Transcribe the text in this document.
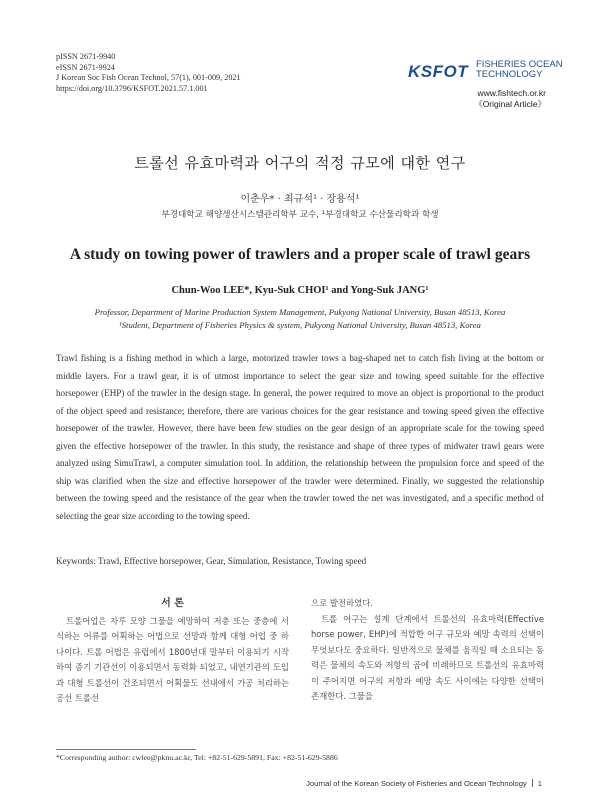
pISSN 2671-9940
eISSN 2671-9924
J Korean Soc Fish Ocean Technol, 57(1), 001-009, 2021
https://doi.org/10.3796/KSFOT.2021.57.1.001
KSFOT FISHERIES OCEAN
TECHNOLOGY
www.fishtech.or.kr
《Original Article》
트롤선 유효마력과 어구의 적정 규모에 대한 연구
이춘우* · 최규석¹ · 장용석¹
부경대학교 해양생산시스템관리학부 교수, ¹부경대학교 수산물리학과 학생
A study on towing power of trawlers and a proper scale of trawl gears
Chun-Woo LEE*, Kyu-Suk CHOI¹ and Yong-Suk JANG¹
Professor, Department of Marine Production System Management, Pukyong National University, Busan 48513, Korea
¹Student, Department of Fisheries Physics & system, Pukyong National University, Busan 48513, Korea
Trawl fishing is a fishing method in which a large, motorized trawler tows a bag-shaped net to catch fish living at the bottom or middle layers. For a trawl gear, it is of utmost importance to select the gear size and towing speed suitable for the effective horsepower (EHP) of the trawler in the design stage. In general, the power required to move an object is proportional to the product of the object speed and resistance; therefore, there are various choices for the gear resistance and towing speed given the effective horsepower of the trawler. However, there have been few studies on the gear design of an appropriate scale for the towing speed given the effective horsepower of the trawler. In this study, the resistance and shape of three types of midwater trawl gears were analyzed using SimuTrawl, a computer simulation tool. In addition, the relationship between the propulsion force and speed of the ship was clarified when the size and effective horsepower of the trawler were determined. Finally, we suggested the relationship between the towing speed and the resistance of the gear when the trawler towed the net was investigated, and a specific method of selecting the gear size according to the towing speed.
Keywords: Trawl, Effective horsepower, Gear, Simulation, Resistance, Towing speed
서 론

트롤어업은 자루 모양 그물을 예망하여 저층 또는 중층에 서식하는 어류를 어획하는 어법으로 선망과 함께 대형 어업 중 하나이다. 트롤 어법은 유럽에서 1800년대 말부터 이용되기 시작하여 증기 기관선이 이용되면서 동력화 되었고, 내연기관의 도입과 대형 트롤선이 건조되면서 어획물도 선내에서 가공 처리하는 공선 트롤선

으로 발전하였다.

트롤 어구는 설계 단계에서 트롤선의 유효마력(Effective horse power, EHP)에 적합한 어구 규모와 예망 속력의 선택이 무엇보다도 중요하다. 일반적으로 물체를 움직일 때 소요되는 동력은 물체의 속도와 저항의 곱에 비례하므로 트롤선의 유효마력이 주어지면 어구의 저항과 예망 속도 사이에는 다양한 선택이 존재한다. 그물을

*Corresponding author: cwlee@pknu.ac.kr, Tel: +82-51-629-5891, Fax: +82-51-629-5886
Journal of the Korean Society of Fisheries and Ocean Technology 1
